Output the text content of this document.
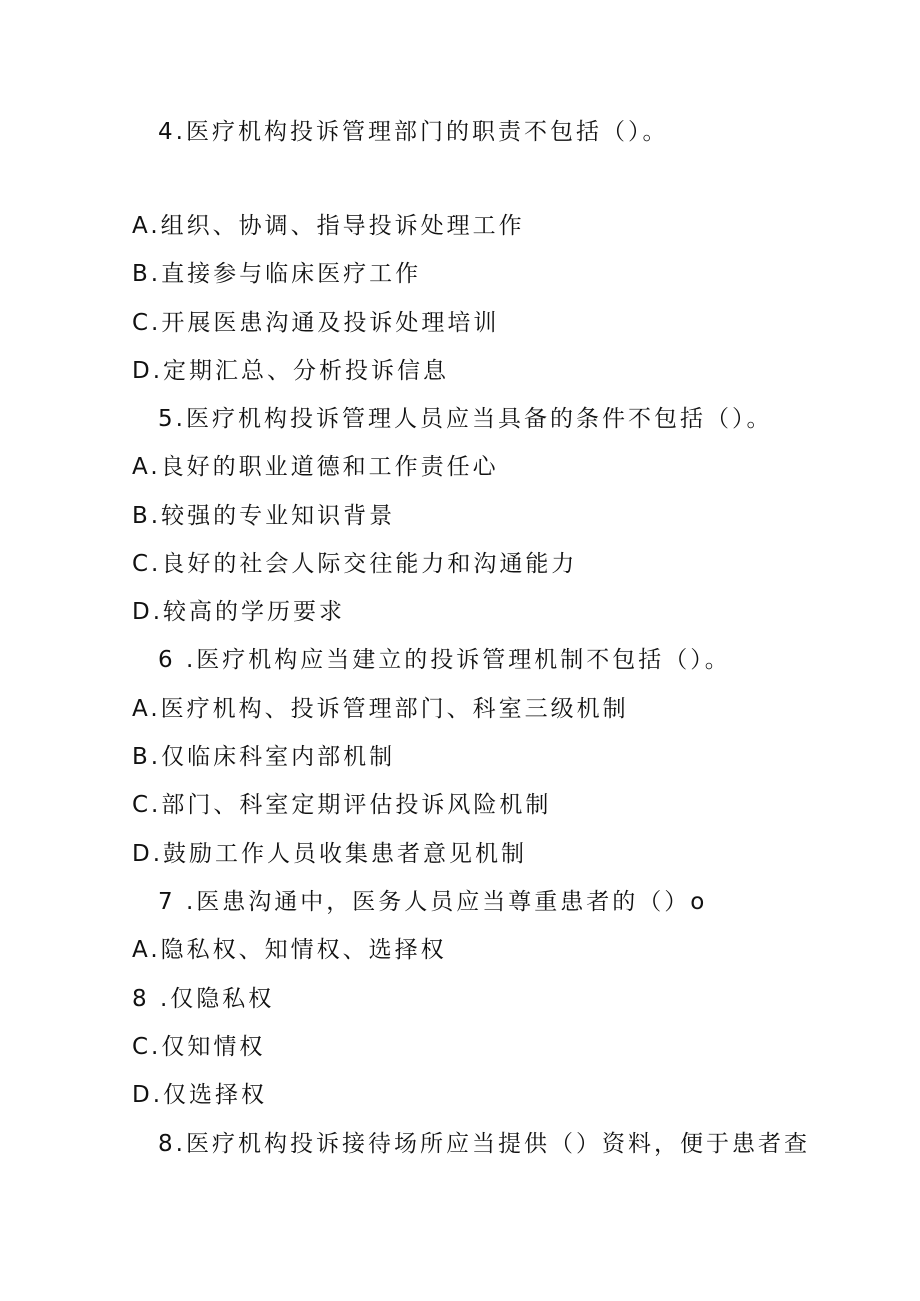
4.医疗机构投诉管理部门的职责不包括（）。
A.组织、协调、指导投诉处理工作
B.直接参与临床医疗工作
C.开展医患沟通及投诉处理培训
D.定期汇总、分析投诉信息
5.医疗机构投诉管理人员应当具备的条件不包括（）。
A.良好的职业道德和工作责任心
B.较强的专业知识背景
C.良好的社会人际交往能力和沟通能力
D.较高的学历要求
6 .医疗机构应当建立的投诉管理机制不包括（）。
A.医疗机构、投诉管理部门、科室三级机制
B.仅临床科室内部机制
C.部门、科室定期评估投诉风险机制
D.鼓励工作人员收集患者意见机制
7 .医患沟通中，医务人员应当尊重患者的（）o
A.隐私权、知情权、选择权
8 .仅隐私权
C.仅知情权
D.仅选择权
8.医疗机构投诉接待场所应当提供（）资料，便于患者查
